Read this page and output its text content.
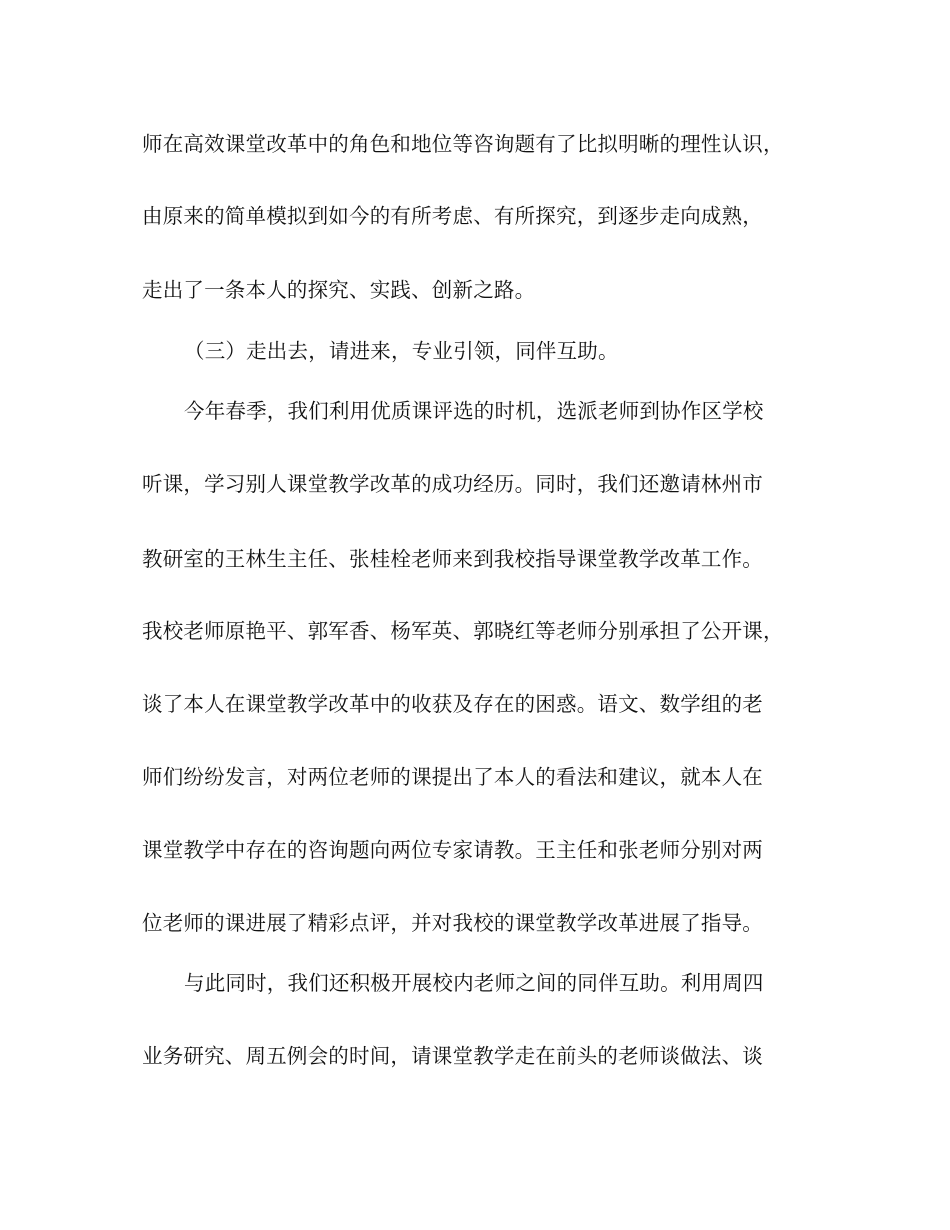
师在高效课堂改革中的角色和地位等咨询题有了比拟明晰的理性认识，
由原来的简单模拟到如今的有所考虑、有所探究，到逐步走向成熟，
走出了一条本人的探究、实践、创新之路。
（三）走出去，请进来，专业引领，同伴互助。
今年春季，我们利用优质课评选的时机，选派老师到协作区学校
听课，学习别人课堂教学改革的成功经历。同时，我们还邀请林州市
教研室的王林生主任、张桂栓老师来到我校指导课堂教学改革工作。
我校老师原艳平、郭军香、杨军英、郭晓红等老师分别承担了公开课，
谈了本人在课堂教学改革中的收获及存在的困惑。语文、数学组的老
师们纷纷发言，对两位老师的课提出了本人的看法和建议，就本人在
课堂教学中存在的咨询题向两位专家请教。王主任和张老师分别对两
位老师的课进展了精彩点评，并对我校的课堂教学改革进展了指导。
与此同时，我们还积极开展校内老师之间的同伴互助。利用周四
业务研究、周五例会的时间，请课堂教学走在前头的老师谈做法、谈
